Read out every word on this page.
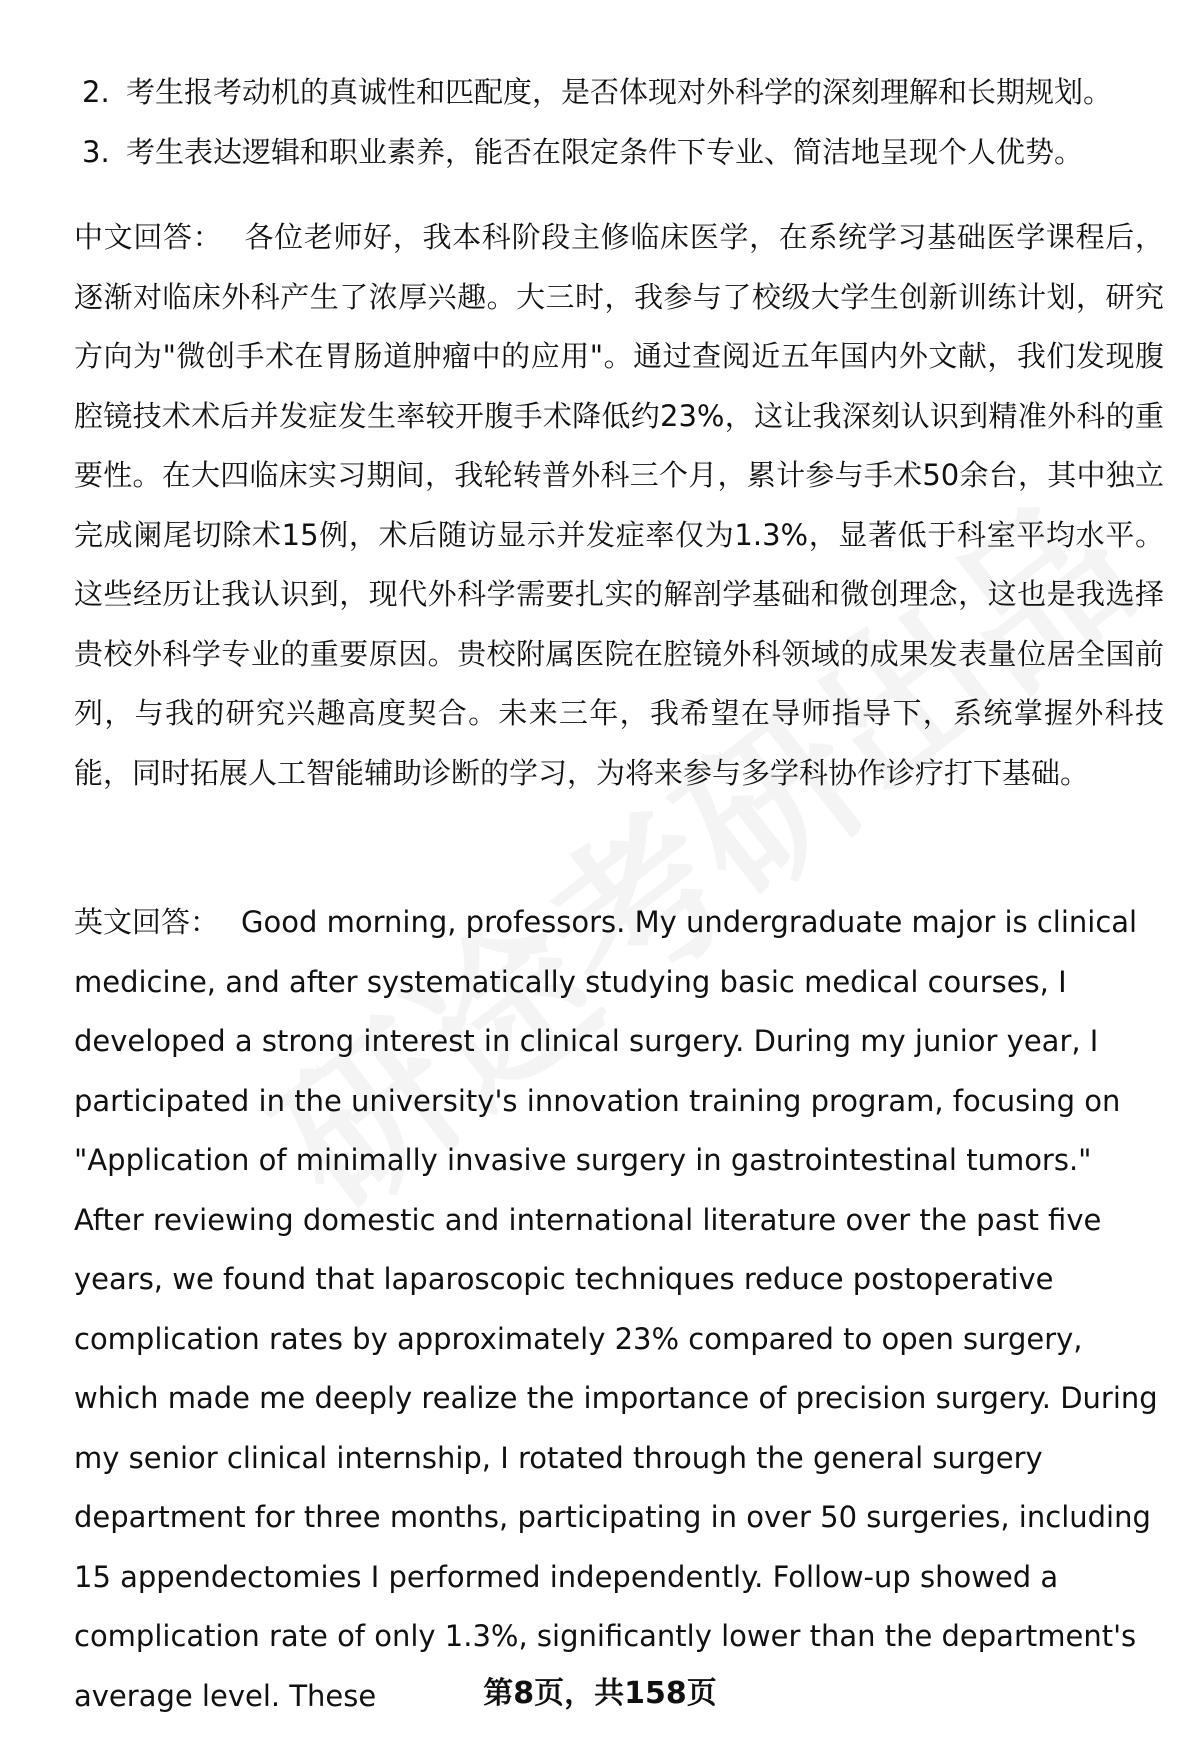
2. 考生报考动机的真诚性和匹配度，是否体现对外科学的深刻理解和长期规划。
3. 考生表达逻辑和职业素养，能否在限定条件下专业、简洁地呈现个人优势。

中文回答： 各位老师好，我本科阶段主修临床医学，在系统学习基础医学课程后，逐渐对临床外科产生了浓厚兴趣。大三时，我参与了校级大学生创新训练计划，研究方向为"微创手术在胃肠道肿瘤中的应用"。通过查阅近五年国内外文献，我们发现腹腔镜技术术后并发症发生率较开腹手术降低约23%，这让我深刻认识到精准外科的重要性。在大四临床实习期间，我轮转普外科三个月，累计参与手术50余台，其中独立完成阑尾切除术15例，术后随访显示并发症率仅为1.3%，显著低于科室平均水平。这些经历让我认识到，现代外科学需要扎实的解剖学基础和微创理念，这也是我选择贵校外科学专业的重要原因。贵校附属医院在腔镜外科领域的成果发表量位居全国前列，与我的研究兴趣高度契合。未来三年，我希望在导师指导下，系统掌握外科技能，同时拓展人工智能辅助诊断的学习，为将来参与多学科协作诊疗打下基础。

英文回答： Good morning, professors. My undergraduate major is clinical medicine, and after systematically studying basic medical courses, I developed a strong interest in clinical surgery. During my junior year, I participated in the university's innovation training program, focusing on "Application of minimally invasive surgery in gastrointestinal tumors." After reviewing domestic and international literature over the past five years, we found that laparoscopic techniques reduce postoperative complication rates by approximately 23% compared to open surgery, which made me deeply realize the importance of precision surgery. During my senior clinical internship, I rotated through the general surgery department for three months, participating in over 50 surgeries, including 15 appendectomies I performed independently. Follow-up showed a complication rate of only 1.3%, significantly lower than the department's average level. These	第8页，共158页
